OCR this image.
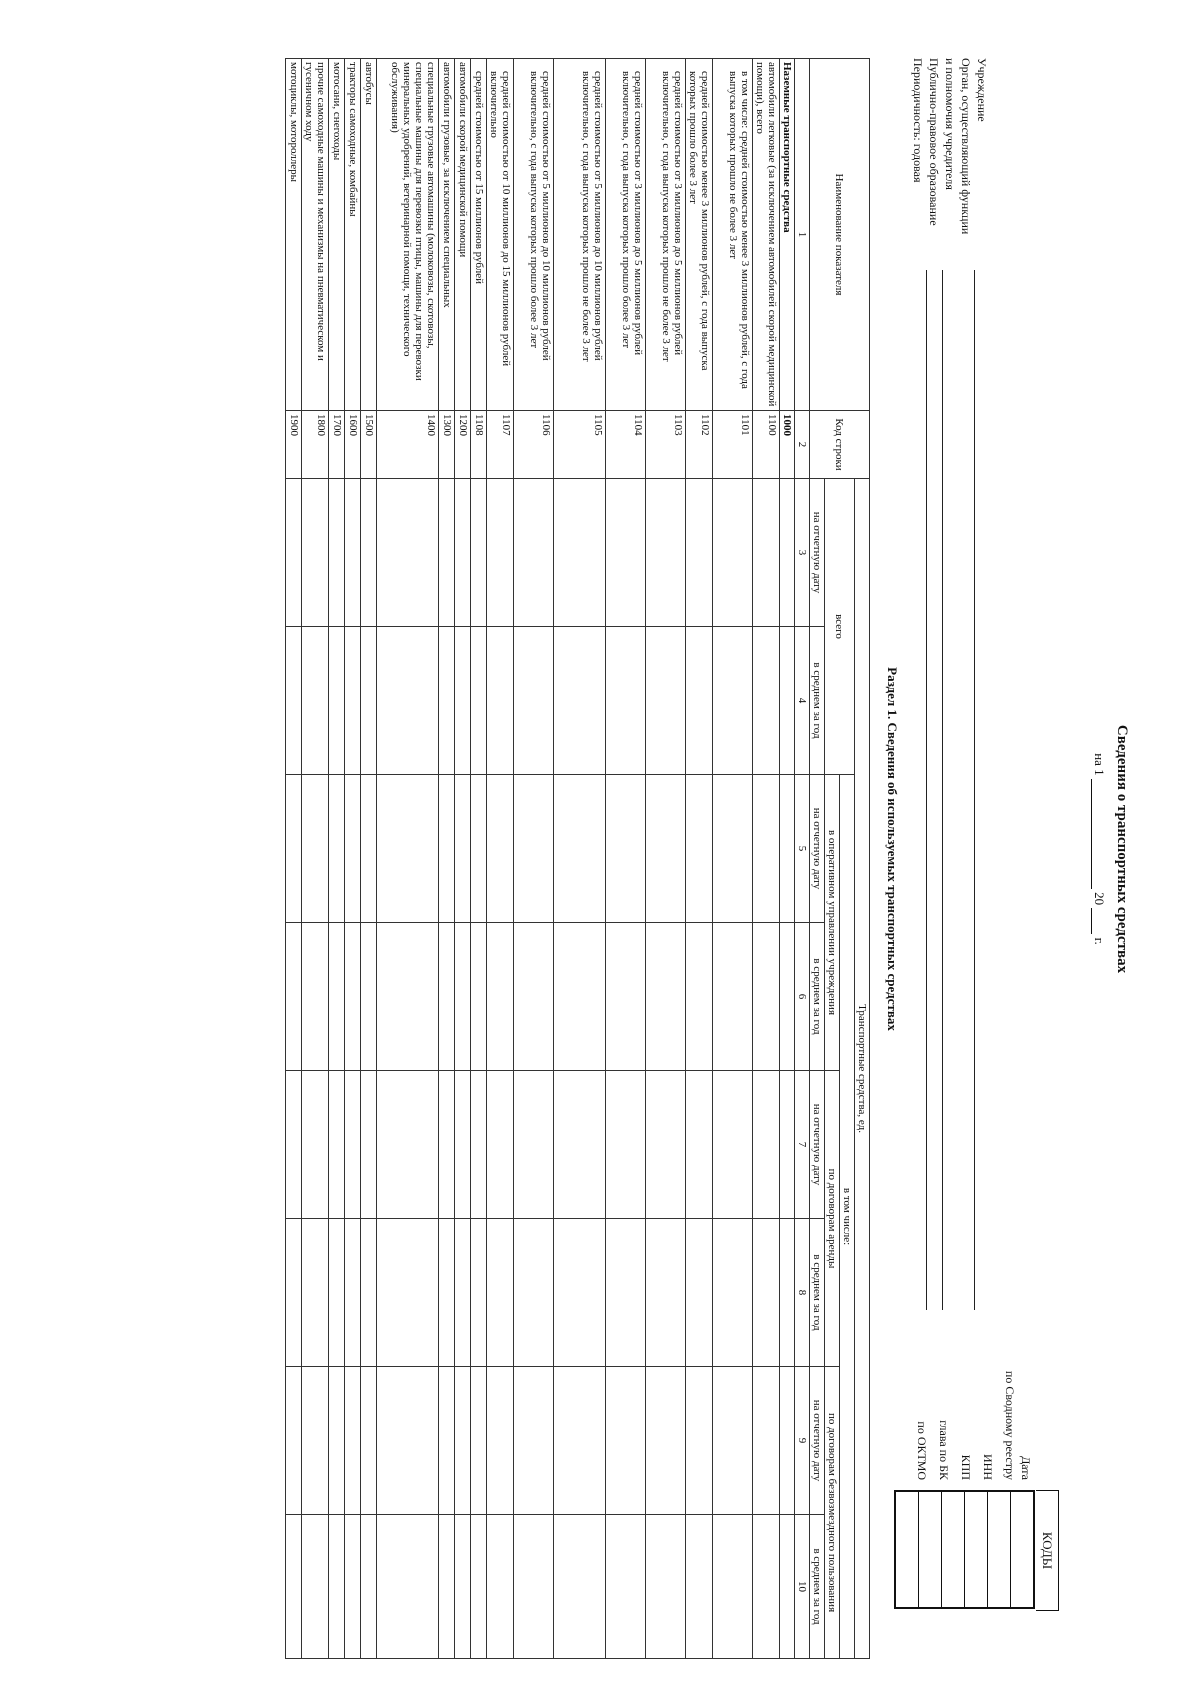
Сведения о транспортных средствах
на 1  20  г.
Учреждение
Орган, осуществляющий функции
и полномочия учредителя
Публично-правовое образование
Периодичность: годовая
КОДЫ
Дата
по Сводному реестру
ИНН
КПП
глава по БК
по ОКТМО
Раздел 1. Сведения об используемых транспортных средствах
Наименование показателя	Код строки	Транспортные средства, ед.							
		всего		в том числе:					
				в оперативном управлении учреждения		по договорам аренды		по договорам безвозмездного пользования	
		на отчетную дату	в среднем за год	на отчетную дату	в среднем за год	на отчетную дату	в среднем за год	на отчетную дату	в среднем за год
1	2	3	4	5	6	7	8	9	10
Наземные транспортные средства	1000								
автомобили легковые (за исключением автомобилей скорой медицинской помощи), всего	1100								
в том числе: средней стоимостью менее 3 миллионов рублей, с года выпуска которых прошло не более 3 лет	1101								
средней стоимостью менее 3 миллионов рублей, с года выпуска которых прошло более 3 лет	1102								
средней стоимостью от 3 миллионов до 5 миллионов рублей включительно, с года выпуска которых прошло не более 3 лет	1103								
средней стоимостью от 3 миллионов до 5 миллионов рублей включительно, с года выпуска которых прошло более 3 лет	1104								
средней стоимостью от 5 миллионов до 10 миллионов рублей включительно, с года выпуска которых прошло не более 3 лет	1105								
средней стоимостью от 5 миллионов до 10 миллионов рублей включительно, с года выпуска которых прошло более 3 лет	1106								
средней стоимостью от 10 миллионов до 15 миллионов рублей включительно	1107								
средней стоимостью от 15 миллионов рублей	1108								
автомобили скорой медицинской помощи	1200								
автомобили грузовые, за исключением специальных	1300								
специальные грузовые автомашины (молоковозы, скотовозы, специальные машины для перевозки птицы, машины для перевозки минеральных удобрений, ветеринарной помощи, технического обслуживания)	1400								
автобусы	1500								
тракторы самоходные, комбайны	1600								
мотосани, снегоходы	1700								
прочие самоходные машины и механизмы на пневматическом и гусеничном ходу	1800								
мотоциклы, мотороллеры	1900								
